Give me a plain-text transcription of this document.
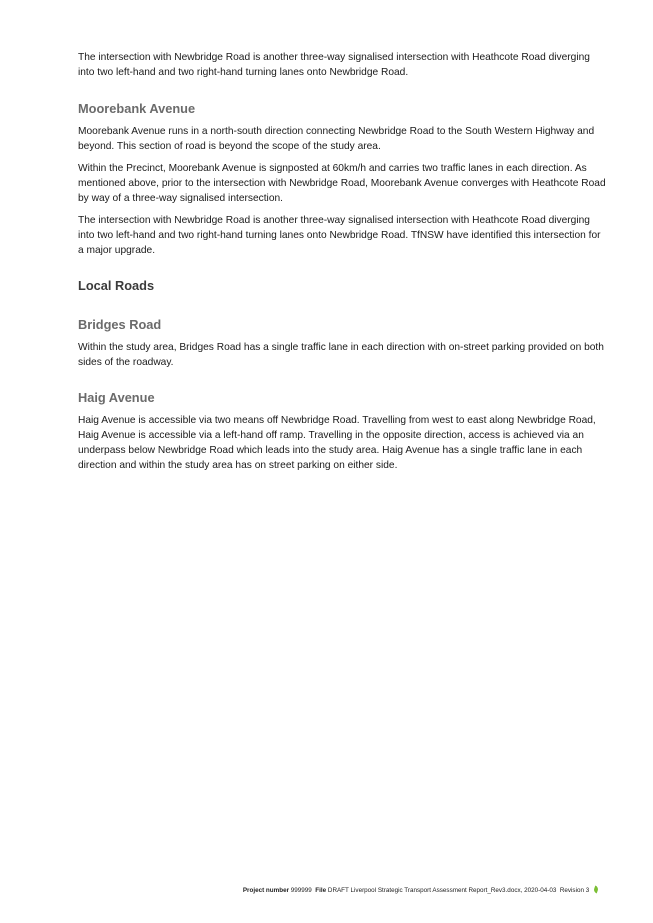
The intersection with Newbridge Road is another three-way signalised intersection with Heathcote Road diverging into two left-hand and two right-hand turning lanes onto Newbridge Road.

Moorebank Avenue

Moorebank Avenue runs in a north-south direction connecting Newbridge Road to the South Western Highway and beyond. This section of road is beyond the scope of the study area.

Within the Precinct, Moorebank Avenue is signposted at 60km/h and carries two traffic lanes in each direction. As mentioned above, prior to the intersection with Newbridge Road, Moorebank Avenue converges with Heathcote Road by way of a three-way signalised intersection.

The intersection with Newbridge Road is another three-way signalised intersection with Heathcote Road diverging into two left-hand and two right-hand turning lanes onto Newbridge Road. TfNSW have identified this intersection for a major upgrade.

Local Roads
Bridges Road

Within the study area, Bridges Road has a single traffic lane in each direction with on-street parking provided on both sides of the roadway.

Haig Avenue

Haig Avenue is accessible via two means off Newbridge Road. Travelling from west to east along Newbridge Road, Haig Avenue is accessible via a left-hand off ramp. Travelling in the opposite direction, access is achieved via an underpass below Newbridge Road which leads into the study area. Haig Avenue has a single traffic lane in each direction and within the study area has on street parking on either side.

Project number 999999 File DRAFT Liverpool Strategic Transport Assessment Report_Rev3.docx, 2020-04-03 Revision 3
